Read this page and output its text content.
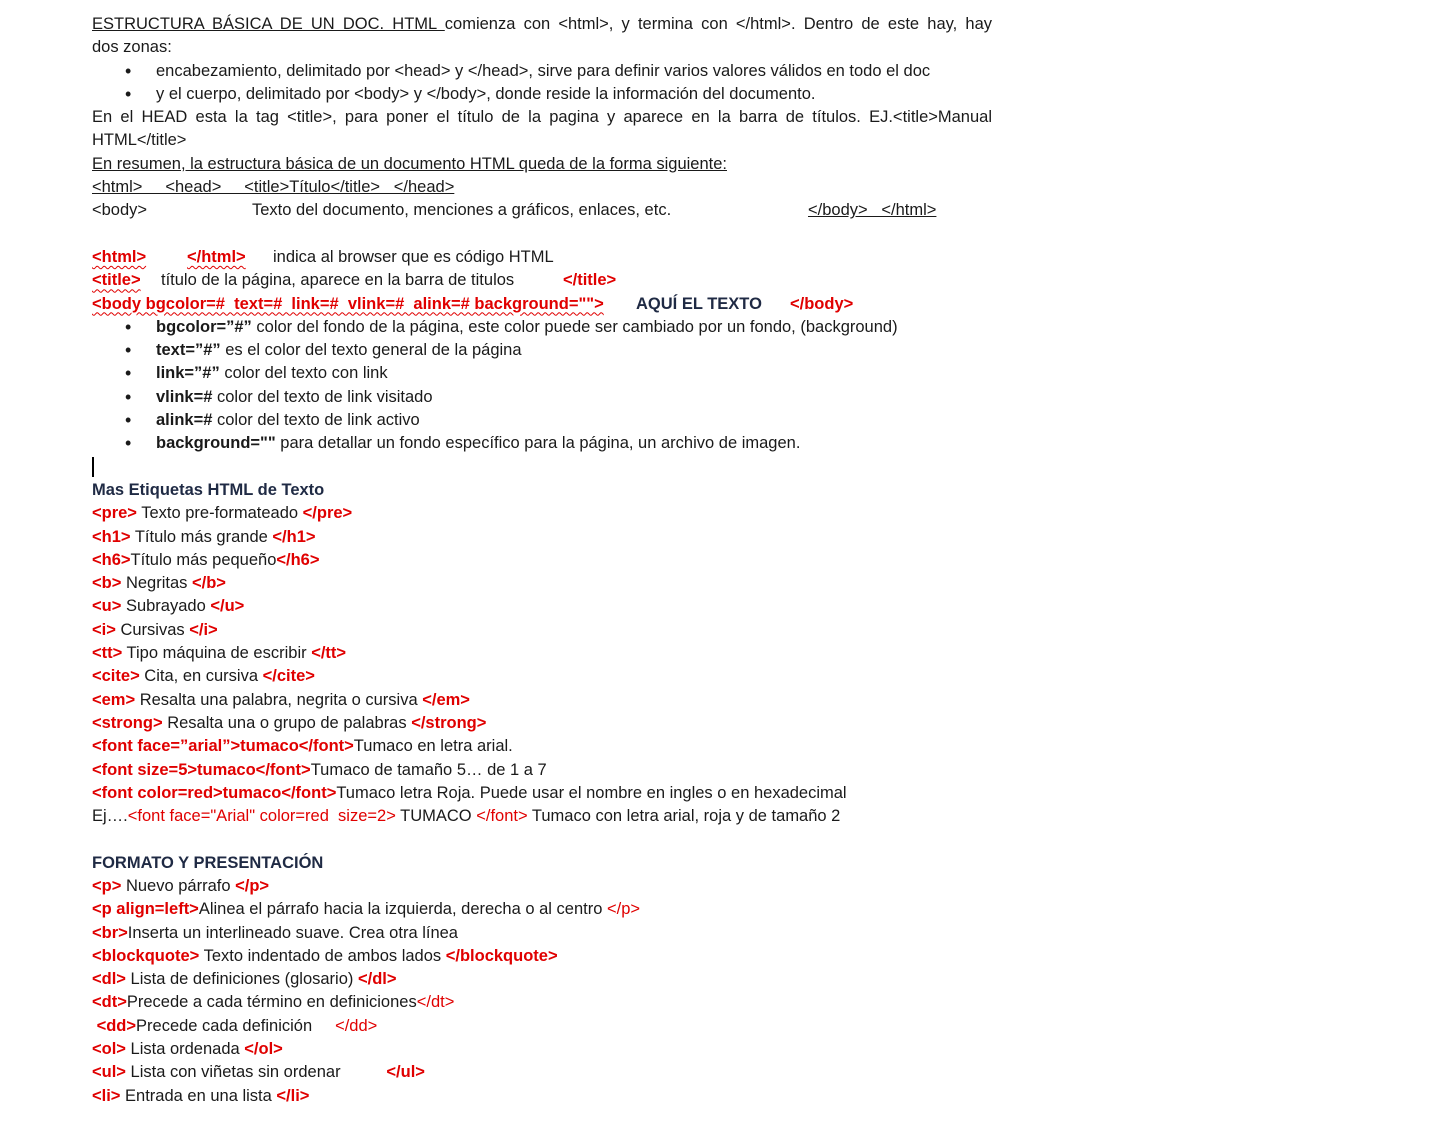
ESTRUCTURA BÁSICA DE UN DOC. HTML comienza con <html>, y termina con </html>. Dentro de este hay, hay
dos zonas:
• encabezamiento, delimitado por <head> y </head>, sirve para definir varios valores válidos en todo el doc
• y el cuerpo, delimitado por <body> y </body>, donde reside la información del documento.
En el HEAD esta la tag <title>, para poner el título de la pagina y aparece en la barra de títulos. EJ.<title>Manual
HTML</title>
En resumen, la estructura básica de un documento HTML queda de la forma siguiente:
<html>     <head>     <title>Título</title>   </head>
<body>	Texto del documento, menciones a gráficos, enlaces, etc.	</body>   </html>
<html> </html> indica al browser que es código HTML
<title> título de la página, aparece en la barra de titulos	</title>
<body bgcolor=#  text=#  link=#  vlink=#  alink=# background=""> AQUÍ EL TEXTO </body>
• bgcolor=”#” color del fondo de la página, este color puede ser cambiado por un fondo, (background)
• text=”#” es el color del texto general de la página
• link=”#” color del texto con link
• vlink=# color del texto de link visitado
• alink=# color del texto de link activo
• background="" para detallar un fondo específico para la página, un archivo de imagen.
Mas Etiquetas HTML de Texto
<pre> Texto pre-formateado </pre>
<h1> Título más grande </h1>
<h6>Título más pequeño</h6>
<b> Negritas </b>
<u> Subrayado </u>
<i> Cursivas </i>
<tt> Tipo máquina de escribir </tt>
<cite> Cita, en cursiva </cite>
<em> Resalta una palabra, negrita o cursiva </em>
<strong> Resalta una o grupo de palabras </strong>
<font face=”arial”>tumaco</font>Tumaco en letra arial.
<font size=5>tumaco</font>Tumaco de tamaño 5… de 1 a 7
<font color=red>tumaco</font>Tumaco letra Roja. Puede usar el nombre en ingles o en hexadecimal
Ej….<font face="Arial" color=red  size=2> TUMACO </font> Tumaco con letra arial, roja y de tamaño 2
FORMATO Y PRESENTACIÓN
<p> Nuevo párrafo </p>
<p align=left>Alinea el párrafo hacia la izquierda, derecha o al centro </p>
<br>Inserta un interlineado suave. Crea otra línea
<blockquote> Texto indentado de ambos lados </blockquote>
<dl> Lista de definiciones (glosario) </dl>
<dt>Precede a cada término en definiciones</dt>
<dd>Precede cada definición     </dd>
<ol> Lista ordenada </ol>
<ul> Lista con viñetas sin ordenar          </ul>
<li> Entrada en una lista </li>
